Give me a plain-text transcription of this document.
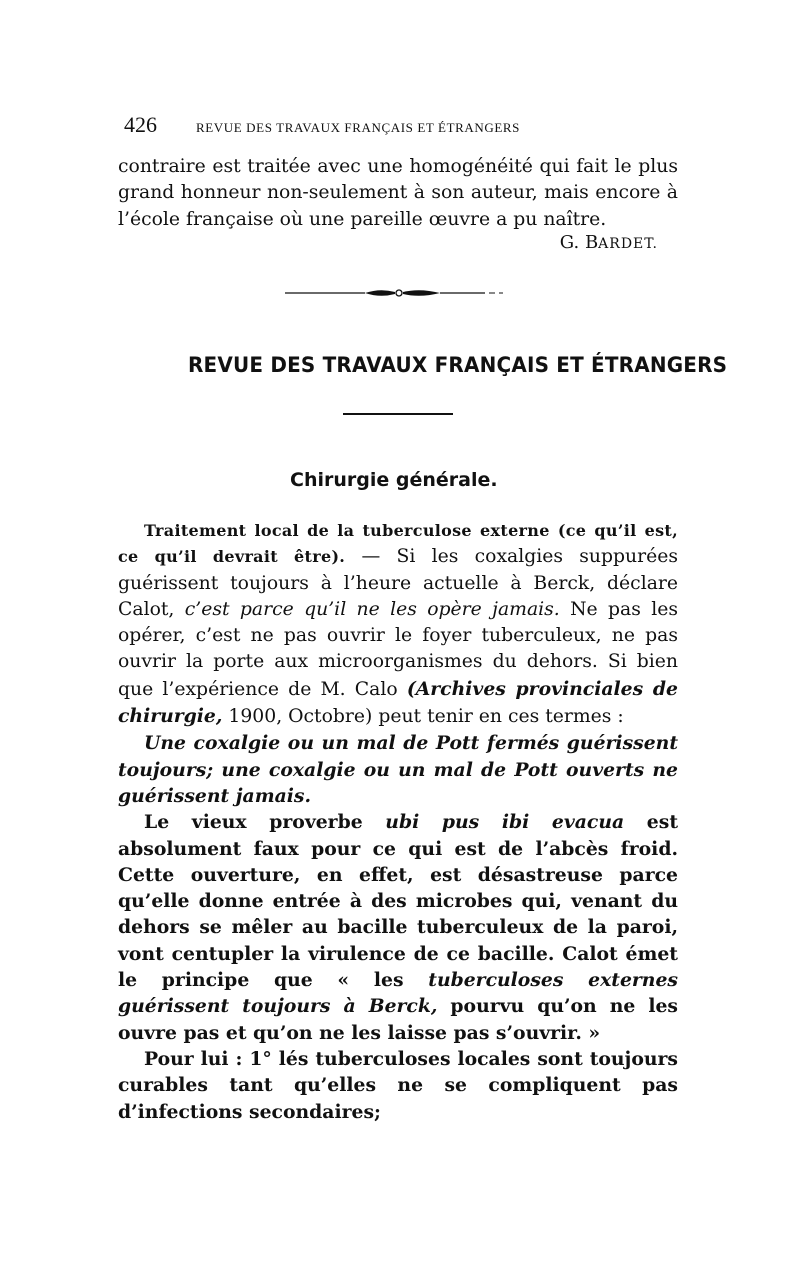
426	REVUE DES TRAVAUX FRANÇAIS ET ÉTRANGERS

contraire est traitée avec une homogénéité qui fait le plus grand honneur non-seulement à son auteur, mais encore à l’école française où une pareille œuvre a pu naître.

G. BARDET.
REVUE DES TRAVAUX FRANÇAIS ET ÉTRANGERS
Chirurgie générale.

Traitement local de la tuberculose externe (ce qu’il est, ce qu’il devrait être). — Si les coxalgies suppurées guérissent toujours à l’heure actuelle à Berck, déclare Calot, c’est parce qu’il ne les opère jamais. Ne pas les opérer, c’est ne pas ouvrir le foyer tuberculeux, ne pas ouvrir la porte aux microorganismes du dehors. Si bien que l’expérience de M. Calo (Archives provinciales de chirurgie, 1900, Octobre) peut tenir en ces termes :

Une coxalgie ou un mal de Pott fermés guérissent toujours; une coxalgie ou un mal de Pott ouverts ne guérissent jamais.

Le vieux proverbe ubi pus ibi evacua est absolument faux pour ce qui est de l’abcès froid. Cette ouverture, en effet, est désastreuse parce qu’elle donne entrée à des microbes qui, venant du dehors se mêler au bacille tuberculeux de la paroi, vont centupler la virulence de ce bacille. Calot émet le principe que « les tuberculoses externes guérissent toujours à Berck, pourvu qu’on ne les ouvre pas et qu’on ne les laisse pas s’ouvrir. »

Pour lui : 1° lés tuberculoses locales sont toujours curables tant qu’elles ne se compliquent pas d’infections secondaires;
